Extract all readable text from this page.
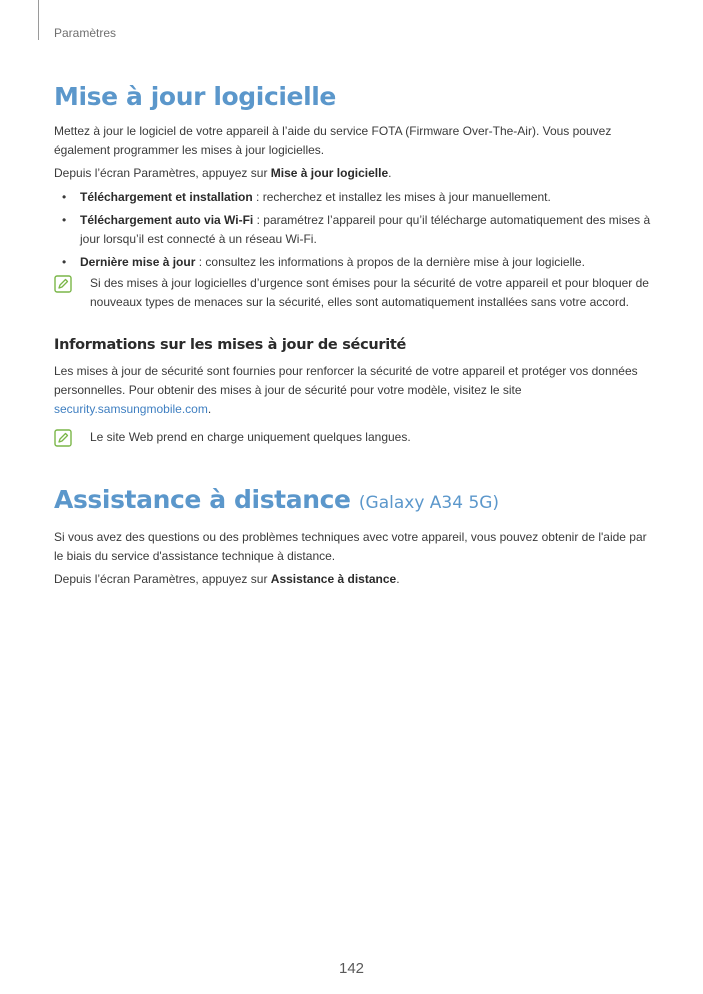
Paramètres
Mise à jour logicielle

Mettez à jour le logiciel de votre appareil à l’aide du service FOTA (Firmware Over-The-Air). Vous pouvez également programmer les mises à jour logicielles.

Depuis l’écran Paramètres, appuyez sur Mise à jour logicielle.

• Téléchargement et installation : recherchez et installez les mises à jour manuellement.
• Téléchargement auto via Wi-Fi : paramétrez l’appareil pour qu’il télécharge automatiquement des mises à jour lorsqu’il est connecté à un réseau Wi-Fi.
• Dernière mise à jour : consultez les informations à propos de la dernière mise à jour logicielle.
Si des mises à jour logicielles d’urgence sont émises pour la sécurité de votre appareil et pour bloquer de nouveaux types de menaces sur la sécurité, elles sont automatiquement installées sans votre accord.
Informations sur les mises à jour de sécurité

Les mises à jour de sécurité sont fournies pour renforcer la sécurité de votre appareil et protéger vos données personnelles. Pour obtenir des mises à jour de sécurité pour votre modèle, visitez le site security.samsungmobile.com.

Le site Web prend en charge uniquement quelques langues.
Assistance à distance (Galaxy A34 5G)

Si vous avez des questions ou des problèmes techniques avec votre appareil, vous pouvez obtenir de l'aide par le biais du service d'assistance technique à distance.

Depuis l’écran Paramètres, appuyez sur Assistance à distance.

142
